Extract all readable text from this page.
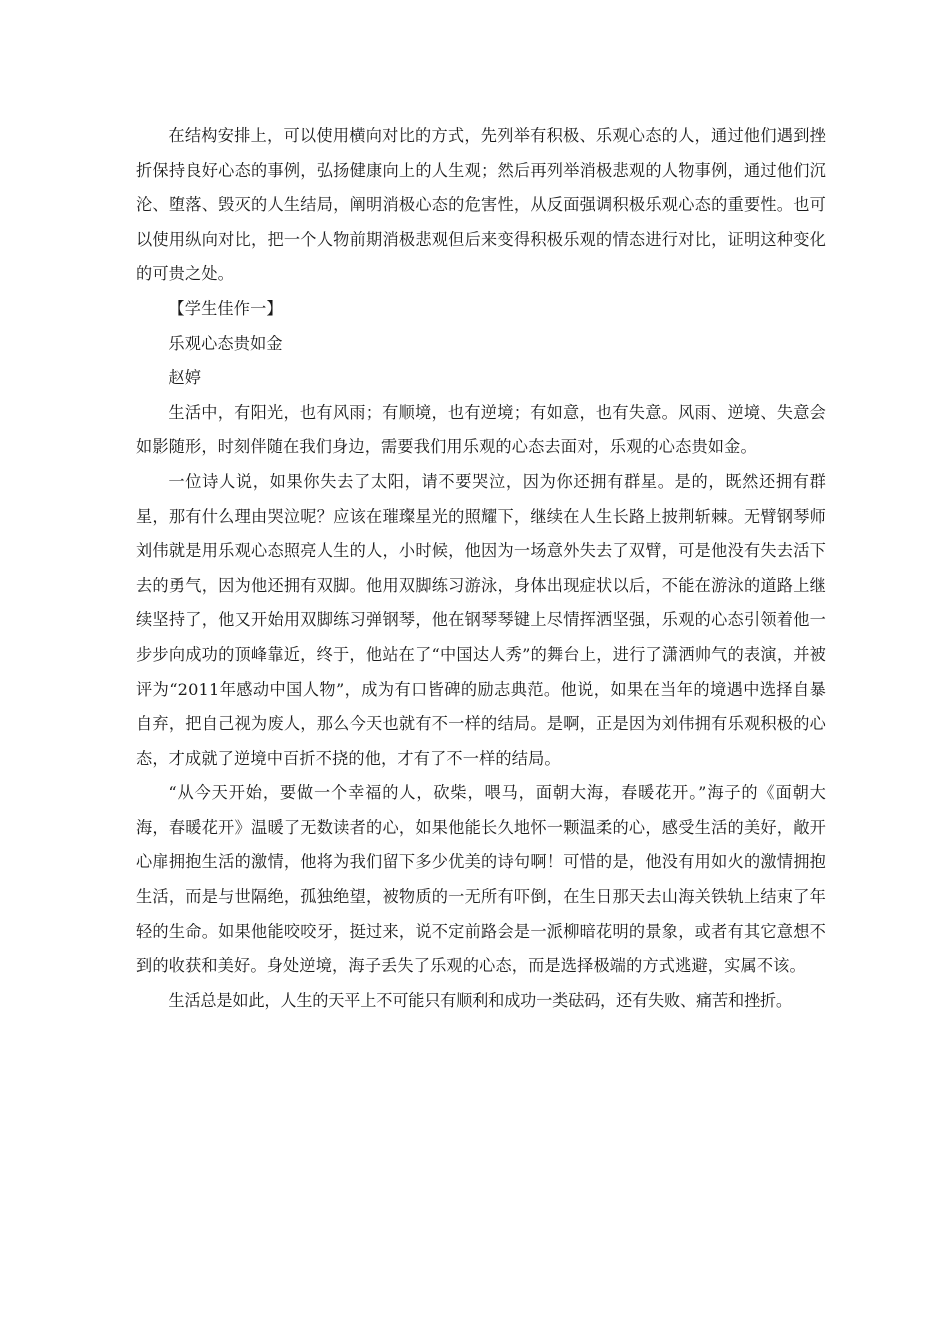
在结构安排上，可以使用横向对比的方式，先列举有积极、乐观心态的人，通过他们遇到挫折保持良好心态的事例，弘扬健康向上的人生观；然后再列举消极悲观的人物事例，通过他们沉沦、堕落、毁灭的人生结局，阐明消极心态的危害性，从反面强调积极乐观心态的重要性。也可以使用纵向对比，把一个人物前期消极悲观但后来变得积极乐观的情态进行对比，证明这种变化的可贵之处。

【学生佳作一】

乐观心态贵如金

赵婷

生活中，有阳光，也有风雨；有顺境，也有逆境；有如意，也有失意。风雨、逆境、失意会如影随形，时刻伴随在我们身边，需要我们用乐观的心态去面对，乐观的心态贵如金。

一位诗人说，如果你失去了太阳，请不要哭泣，因为你还拥有群星。是的，既然还拥有群星，那有什么理由哭泣呢？应该在璀璨星光的照耀下，继续在人生长路上披荆斩棘。无臂钢琴师刘伟就是用乐观心态照亮人生的人，小时候，他因为一场意外失去了双臂，可是他没有失去活下去的勇气，因为他还拥有双脚。他用双脚练习游泳，身体出现症状以后，不能在游泳的道路上继续坚持了，他又开始用双脚练习弹钢琴，他在钢琴琴键上尽情挥洒坚强，乐观的心态引领着他一步步向成功的顶峰靠近，终于，他站在了“中国达人秀”的舞台上，进行了潇洒帅气的表演，并被评为“2011年感动中国人物”，成为有口皆碑的励志典范。他说，如果在当年的境遇中选择自暴自弃，把自己视为废人，那么今天也就有不一样的结局。是啊，正是因为刘伟拥有乐观积极的心态，才成就了逆境中百折不挠的他，才有了不一样的结局。

“从今天开始，要做一个幸福的人，砍柴，喂马，面朝大海，春暖花开。”海子的《面朝大海，春暖花开》温暖了无数读者的心，如果他能长久地怀一颗温柔的心，感受生活的美好，敞开心扉拥抱生活的激情，他将为我们留下多少优美的诗句啊！可惜的是，他没有用如火的激情拥抱生活，而是与世隔绝，孤独绝望，被物质的一无所有吓倒，在生日那天去山海关铁轨上结束了年轻的生命。如果他能咬咬牙，挺过来，说不定前路会是一派柳暗花明的景象，或者有其它意想不到的收获和美好。身处逆境，海子丢失了乐观的心态，而是选择极端的方式逃避，实属不该。

生活总是如此，人生的天平上不可能只有顺利和成功一类砝码，还有失败、痛苦和挫折。
